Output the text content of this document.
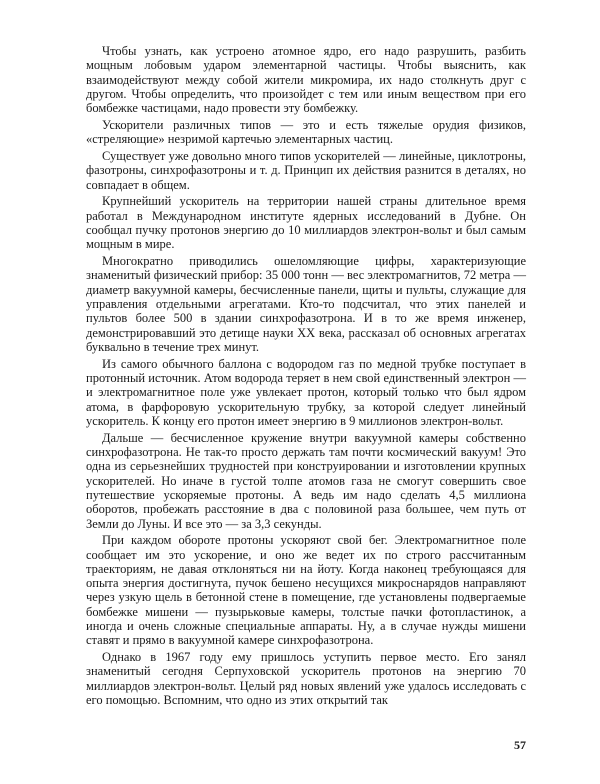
Чтобы узнать, как устроено атомное ядро, его надо разрушить, разбить мощным лобовым ударом элементарной частицы. Чтобы выяснить, как взаимодействуют между собой жители микромира, их надо столкнуть друг с другом. Чтобы определить, что произойдет с тем или иным веществом при его бомбежке частицами, надо провести эту бомбежку.

Ускорители различных типов — это и есть тяжелые орудия физиков, «стреляющие» незримой картечью элементарных частиц.

Существует уже довольно много типов ускорителей — линейные, циклотроны, фазотроны, синхрофазотроны и т. д. Принцип их действия разнится в деталях, но совпадает в общем.

Крупнейший ускоритель на территории нашей страны длительное время работал в Международном институте ядерных исследований в Дубне. Он сообщал пучку протонов энергию до 10 миллиардов электрон-вольт и был самым мощным в мире.

Многократно приводились ошеломляющие цифры, характеризующие знаменитый физический прибор: 35 000 тонн — вес электромагнитов, 72 метра — диаметр вакуумной камеры, бесчисленные панели, щиты и пульты, служащие для управления отдельными агрегатами. Кто-то подсчитал, что этих панелей и пультов более 500 в здании синхрофазотрона. И в то же время инженер, демонстрировавший это детище науки XX века, рассказал об основных агрегатах буквально в течение трех минут.

Из самого обычного баллона с водородом газ по медной трубке поступает в протонный источник. Атом водорода теряет в нем свой единственный электрон — и электромагнитное поле уже увлекает протон, который только что был ядром атома, в фарфоровую ускорительную трубку, за которой следует линейный ускоритель. К концу его протон имеет энергию в 9 миллионов электрон-вольт.

Дальше — бесчисленное кружение внутри вакуумной камеры собственно синхрофазотрона. Не так-то просто держать там почти космический вакуум! Это одна из серьезнейших трудностей при конструировании и изготовлении крупных ускорителей. Но иначе в густой толпе атомов газа не смогут совершить свое путешествие ускоряемые протоны. А ведь им надо сделать 4,5 миллиона оборотов, пробежать расстояние в два с половиной раза большее, чем путь от Земли до Луны. И все это — за 3,3 секунды.

При каждом обороте протоны ускоряют свой бег. Электромагнитное поле сообщает им это ускорение, и оно же ведет их по строго рассчитанным траекториям, не давая отклоняться ни на йоту. Когда наконец требующаяся для опыта энергия достигнута, пучок бешено несущихся микроснарядов направляют через узкую щель в бетонной стене в помещение, где установлены подвергаемые бомбежке мишени — пузырьковые камеры, толстые пачки фотопластинок, а иногда и очень сложные специальные аппараты. Ну, а в случае нужды мишени ставят и прямо в вакуумной камере синхрофазотрона.

Однако в 1967 году ему пришлось уступить первое место. Его занял знаменитый сегодня Серпуховской ускоритель протонов на энергию 70 миллиардов электрон-вольт. Целый ряд новых явлений уже удалось исследовать с его помощью. Вспомним, что одно из этих открытий так

57
